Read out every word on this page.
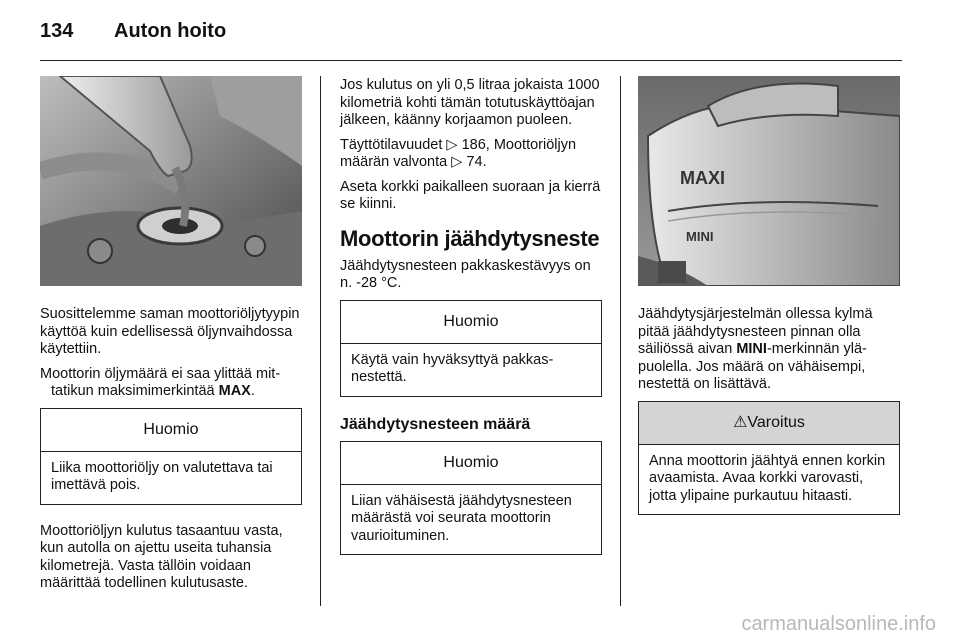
134 Auton hoito

Suosittelemme saman moottoriöljytyypin käyttöä kuin edellisessä öljynvaihdossa käytettiin.

Moottorin öljymäärä ei saa ylittää mittatikun maksimimerkintää MAX.

Huomio
Liika moottoriöljy on valutettava tai imettävä pois.

Moottoriöljyn kulutus tasaantuu vasta, kun autolla on ajettu useita tuhansia kilometrejä. Vasta tällöin voidaan määrittää todellinen kulutusaste.

Jos kulutus on yli 0,5 litraa jokaista 1000 kilometriä kohti tämän totutuskäyttöajan jälkeen, käänny korjaamon puoleen.

Täyttötilavuudet ▷ 186, Moottoriöljyn määrän valvonta ▷ 74.

Aseta korkki paikalleen suoraan ja kierrä se kiinni.

Moottorin jäähdytysneste

Jäähdytysnesteen pakkaskestävyys on n. -28 °C.

Huomio
Käytä vain hyväksyttyä pakkasnestettä.
Jäähdytysnesteen määrä
Huomio
Liian vähäisestä jäähdytysnesteen määrästä voi seurata moottorin vaurioituminen.
MAXI
MINI

Jäähdytysjärjestelmän ollessa kylmä pitää jäähdytysnesteen pinnan olla säiliössä aivan MINI-merkinnän yläpuolella. Jos määrä on vähäisempi, nestettä on lisättävä.

⚠Varoitus
Anna moottorin jäähtyä ennen korkin avaamista. Avaa korkki varovasti, jotta ylipaine purkautuu hitaasti.
carmanualsonline.info
